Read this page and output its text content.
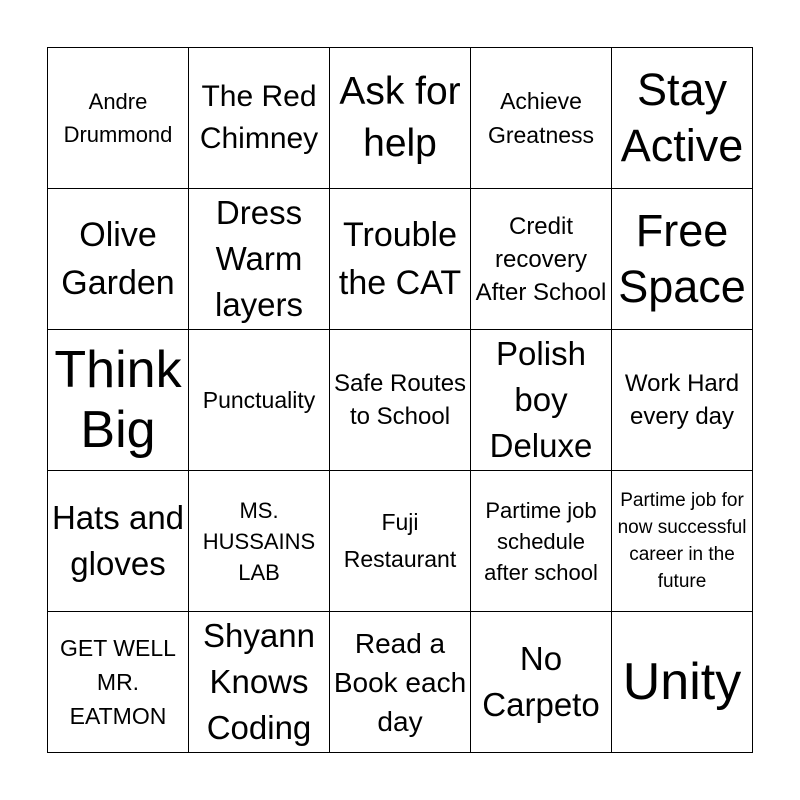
Andre Drummond
The Red Chimney
Ask for help
Achieve Greatness
Stay Active
Olive Garden
Dress Warm layers
Trouble the CAT
Credit recovery After School
Free Space
Think Big
Punctuality
Safe Routes to School
Polish boy Deluxe
Work Hard every day
Hats and gloves
MS. HUSSAINS LAB
Fuji Restaurant
Partime job schedule after school
Partime job for now successful career in the future
GET WELL MR. EATMON
Shyann Knows Coding
Read a Book each day
No Carpeto Unity
